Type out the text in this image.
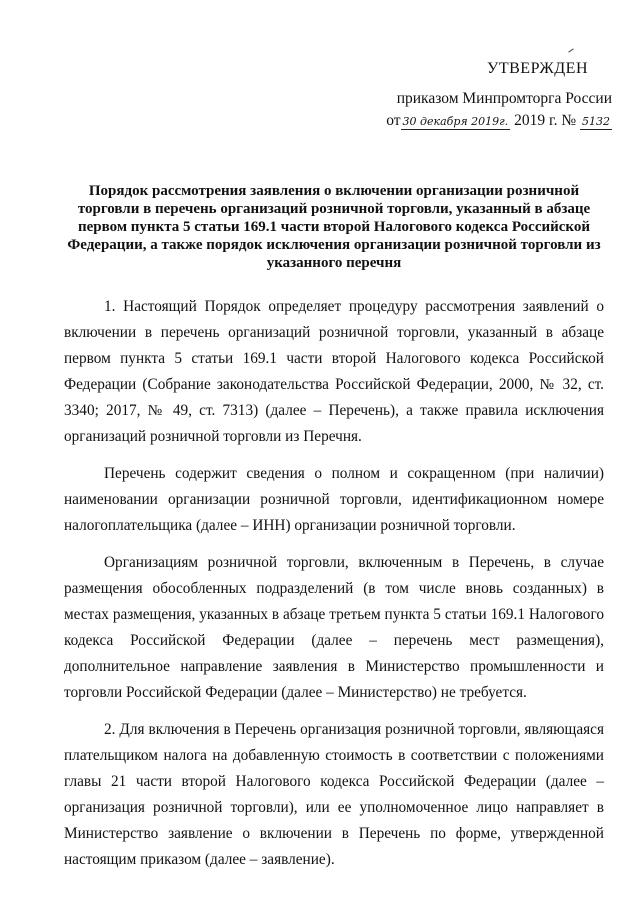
УТВЕРЖДЕН
приказом Минпромторга России
от 30 декабря 2019г. 2019 г. № 5132
Порядок рассмотрения заявления о включении организации розничной торговли в перечень организаций розничной торговли, указанный в абзаце первом пункта 5 статьи 169.1 части второй Налогового кодекса Российской Федерации, а также порядок исключения организации розничной торговли из указанного перечня

1. Настоящий Порядок определяет процедуру рассмотрения заявлений о включении в перечень организаций розничной торговли, указанный в абзаце первом пункта 5 статьи 169.1 части второй Налогового кодекса Российской Федерации (Собрание законодательства Российской Федерации, 2000, № 32, ст. 3340; 2017, № 49, ст. 7313) (далее – Перечень), а также правила исключения организаций розничной торговли из Перечня.

Перечень содержит сведения о полном и сокращенном (при наличии) наименовании организации розничной торговли, идентификационном номере налогоплательщика (далее – ИНН) организации розничной торговли.

Организациям розничной торговли, включенным в Перечень, в случае размещения обособленных подразделений (в том числе вновь созданных) в местах размещения, указанных в абзаце третьем пункта 5 статьи 169.1 Налогового кодекса Российской Федерации (далее – перечень мест размещения), дополнительное направление заявления в Министерство промышленности и торговли Российской Федерации (далее – Министерство) не требуется.

2. Для включения в Перечень организация розничной торговли, являющаяся плательщиком налога на добавленную стоимость в соответствии с положениями главы 21 части второй Налогового кодекса Российской Федерации (далее – организация розничной торговли), или ее уполномоченное лицо направляет в Министерство заявление о включении в Перечень по форме, утвержденной настоящим приказом (далее – заявление).
